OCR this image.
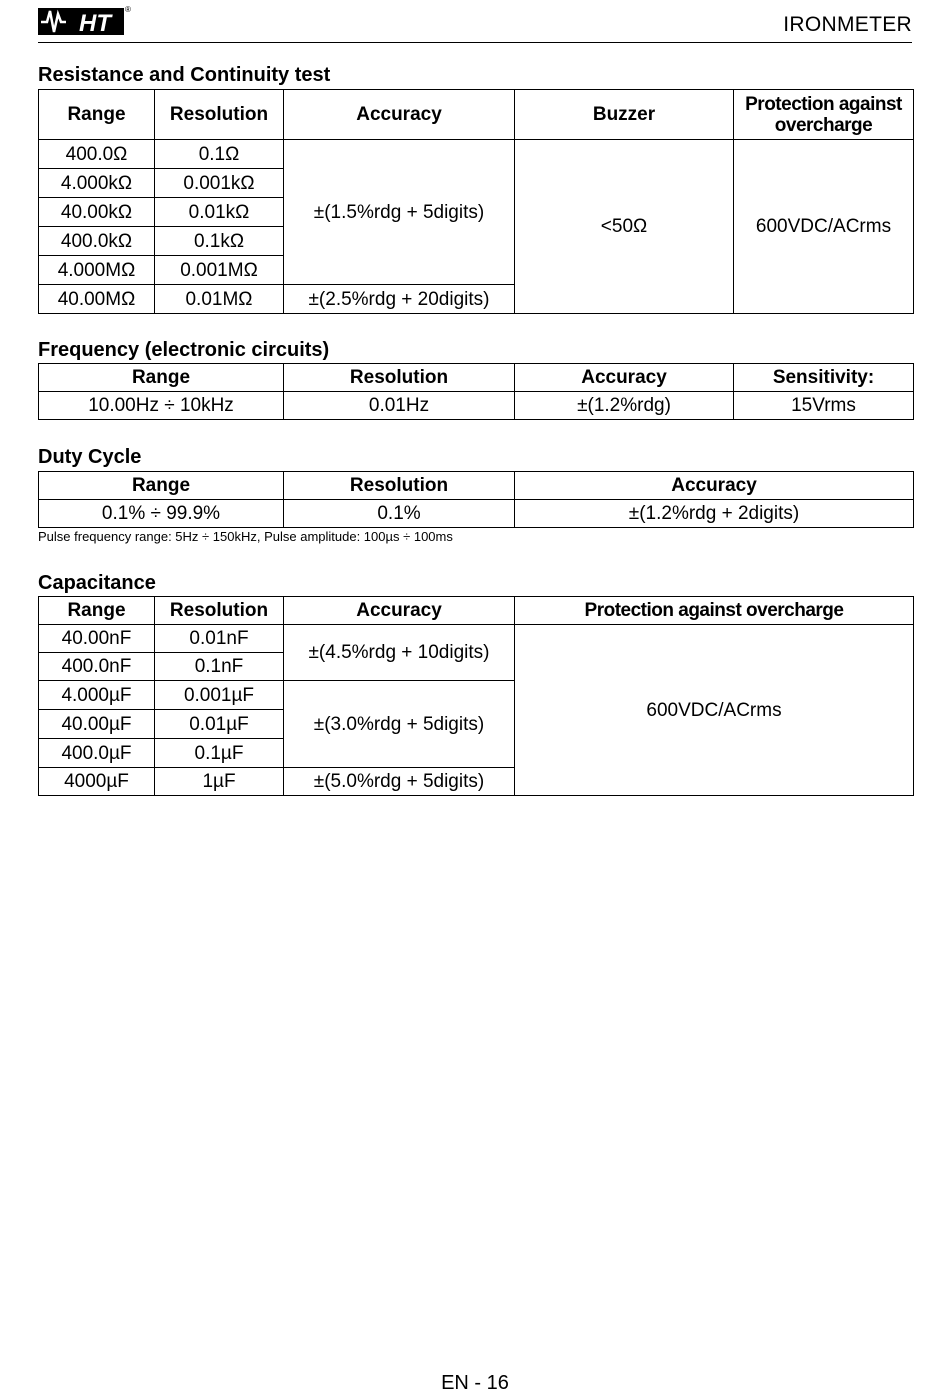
HT
®
IRONMETER
Resistance and Continuity test
Range	Resolution	Accuracy	Buzzer	Protection against overcharge
400.0Ω	0.1Ω	±(1.5%rdg + 5digits)	<50Ω	600VDC/ACrms
4.000kΩ	0.001kΩ			
40.00kΩ	0.01kΩ			
400.0kΩ	0.1kΩ			
4.000MΩ	0.001MΩ			
40.00MΩ	0.01MΩ	±(2.5%rdg + 20digits)		
Frequency (electronic circuits)
Range	Resolution	Accuracy	Sensitivity:
10.00Hz ÷ 10kHz	0.01Hz	±(1.2%rdg)	15Vrms
Duty Cycle
Range	Resolution	Accuracy
0.1% ÷ 99.9%	0.1%	±(1.2%rdg + 2digits)
Pulse frequency range: 5Hz ÷ 150kHz, Pulse amplitude: 100µs ÷ 100ms
Capacitance
Range	Resolution	Accuracy	Protection against overcharge
40.00nF	0.01nF	±(4.5%rdg + 10digits)	600VDC/ACrms
400.0nF	0.1nF		
4.000µF	0.001µF	±(3.0%rdg + 5digits)	
40.00µF	0.01µF		
400.0µF	0.1µF		
4000µF	1µF	±(5.0%rdg + 5digits)	
EN - 16
